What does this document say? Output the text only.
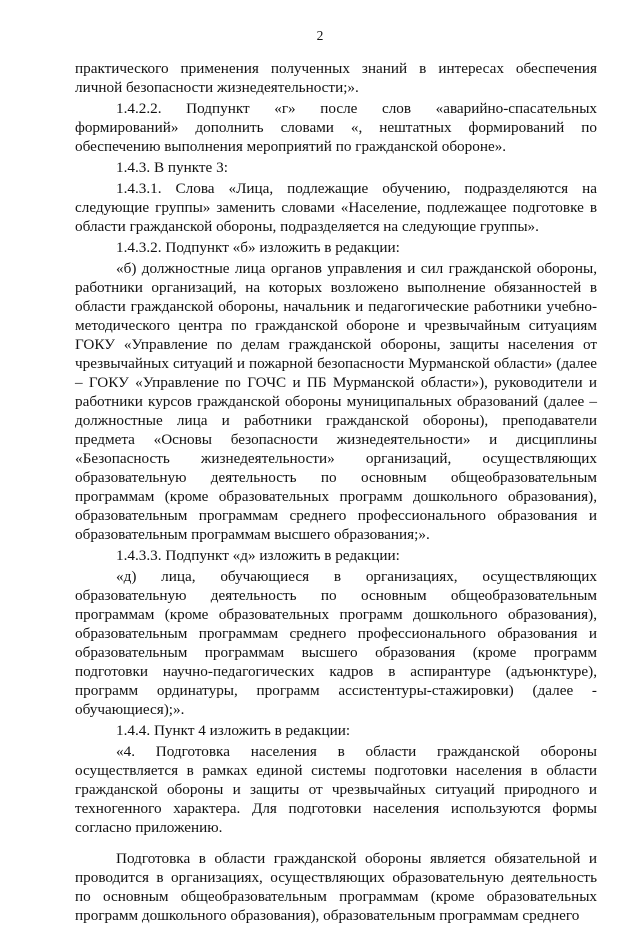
2

практического применения полученных знаний в интересах обеспечения личной безопасности жизнедеятельности;».

1.4.2.2. Подпункт «г» после слов «аварийно-спасательных формирований» дополнить словами «, нештатных формирований по обеспечению выполнения мероприятий по гражданской обороне».

1.4.3. В пункте 3:

1.4.3.1. Слова «Лица, подлежащие обучению, подразделяются на следующие группы» заменить словами «Население, подлежащее подготовке в области гражданской обороны, подразделяется на следующие группы».

1.4.3.2. Подпункт «б» изложить в редакции:

«б) должностные лица органов управления и сил гражданской обороны, работники организаций, на которых возложено выполнение обязанностей в области гражданской обороны, начальник и педагогические работники учебно-методического центра по гражданской обороне и чрезвычайным ситуациям ГОКУ «Управление по делам гражданской обороны, защиты населения от чрезвычайных ситуаций и пожарной безопасности Мурманской области» (далее – ГОКУ «Управление по ГОЧС и ПБ Мурманской области»), руководители и работники курсов гражданской обороны муниципальных образований (далее – должностные лица и работники гражданской обороны), преподаватели предмета «Основы безопасности жизнедеятельности» и дисциплины «Безопасность жизнедеятельности» организаций, осуществляющих образовательную деятельность по основным общеобразовательным программам (кроме образовательных программ дошкольного образования), образовательным программам среднего профессионального образования и образовательным программам высшего образования;».

1.4.3.3. Подпункт «д» изложить в редакции:

«д) лица, обучающиеся в организациях, осуществляющих образовательную деятельность по основным общеобразовательным программам (кроме образовательных программ дошкольного образования), образовательным программам среднего профессионального образования и образовательным программам высшего образования (кроме программ подготовки научно-педагогических кадров в аспирантуре (адъюнктуре), программ ординатуры, программ ассистентуры-стажировки) (далее - обучающиеся);».

1.4.4. Пункт 4 изложить в редакции:

«4. Подготовка населения в области гражданской обороны осуществляется в рамках единой системы подготовки населения в области гражданской обороны и защиты от чрезвычайных ситуаций природного и техногенного характера. Для подготовки населения используются формы согласно приложению.

Подготовка в области гражданской обороны является обязательной и проводится в организациях, осуществляющих образовательную деятельность по основным общеобразовательным программам (кроме образовательных программ дошкольного образования), образовательным программам среднего
